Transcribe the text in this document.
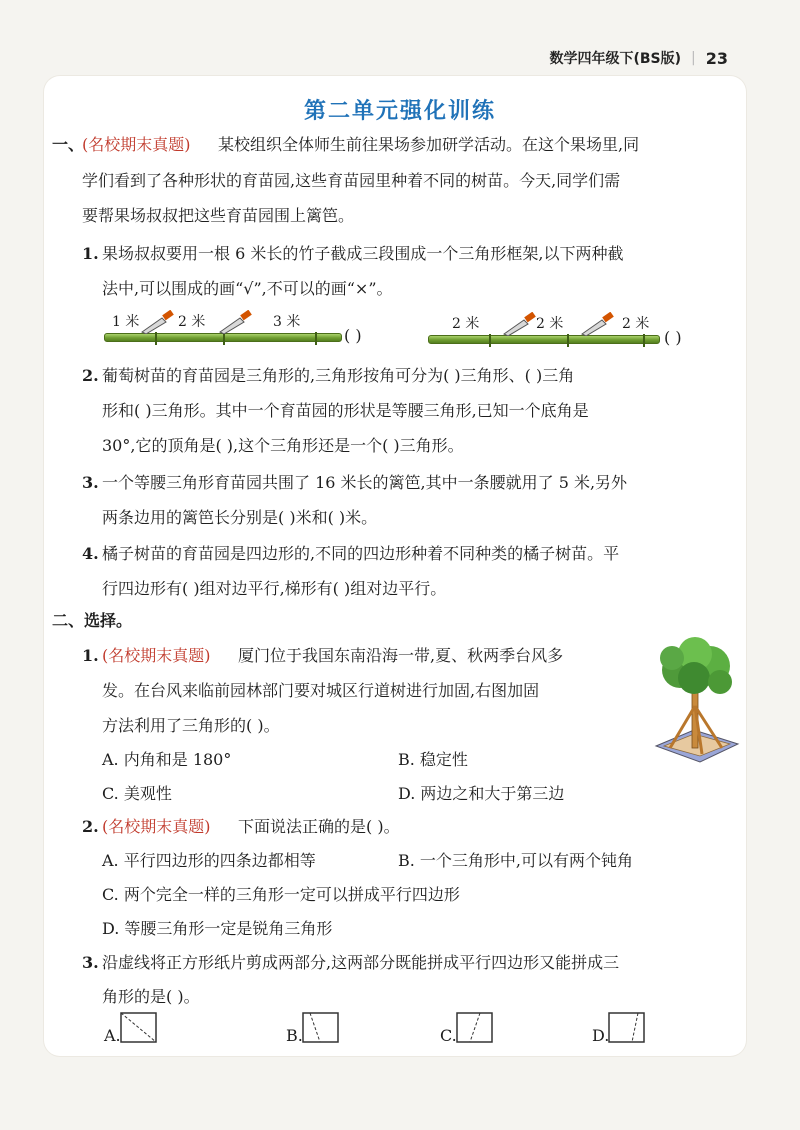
数学四年级下(BS版) | 23
第二单元强化训练
一、
(名校期末真题) 某校组织全体师生前往果场参加研学活动。在这个果场里,同
学们看到了各种形状的育苗园,这些育苗园里种着不同的树苗。今天,同学们需
要帮果场叔叔把这些育苗园围上篱笆。
1. 果场叔叔要用一根 6 米长的竹子截成三段围成一个三角形框架,以下两种截
法中,可以围成的画“√”,不可以的画“×”。
1 米	2 米	3 米
( )
2 米	2 米	2 米
( )
2. 葡萄树苗的育苗园是三角形的,三角形按角可分为( )三角形、( )三角
形和( )三角形。其中一个育苗园的形状是等腰三角形,已知一个底角是
30°,它的顶角是( ),这个三角形还是一个( )三角形。
3. 一个等腰三角形育苗园共围了 16 米长的篱笆,其中一条腰就用了 5 米,另外
两条边用的篱笆长分别是( )米和( )米。
4. 橘子树苗的育苗园是四边形的,不同的四边形种着不同种类的橘子树苗。平
行四边形有( )组对边平行,梯形有( )组对边平行。
二、选择。
1. (名校期末真题) 厦门位于我国东南沿海一带,夏、秋两季台风多
发。在台风来临前园林部门要对城区行道树进行加固,右图加固
方法利用了三角形的( )。
A. 内角和是 180°	B. 稳定性
C. 美观性	D. 两边之和大于第三边
2. (名校期末真题) 下面说法正确的是( )。
A. 平行四边形的四条边都相等	B. 一个三角形中,可以有两个钝角
C. 两个完全一样的三角形一定可以拼成平行四边形
D. 等腰三角形一定是锐角三角形
3. 沿虚线将正方形纸片剪成两部分,这两部分既能拼成平行四边形又能拼成三
角形的是( )。
A.	B.	C.	D.
